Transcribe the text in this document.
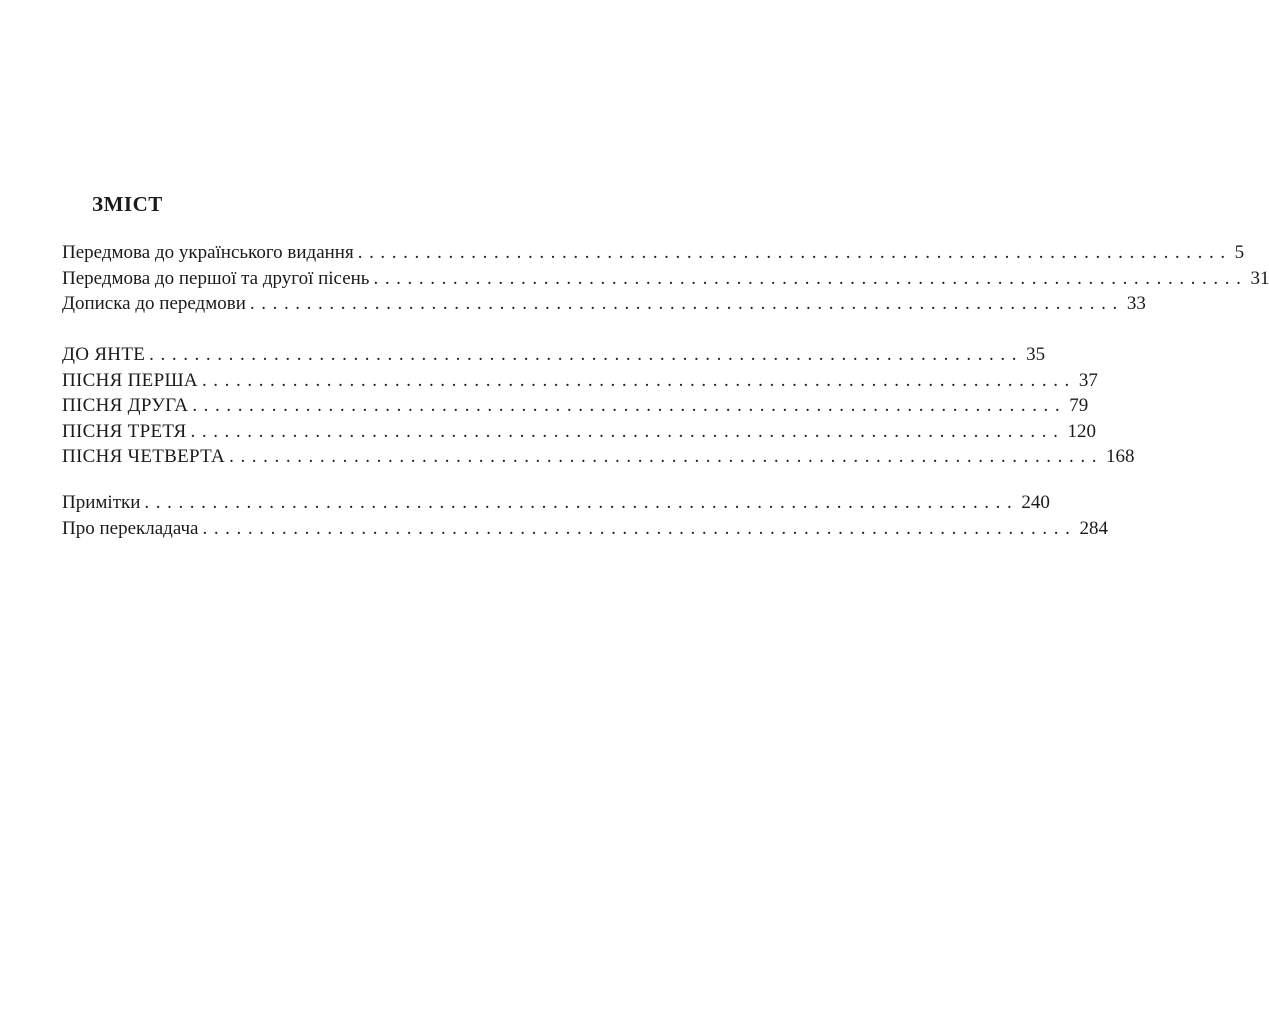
ЗМІСТ
Передмова до українського видання ............................................................................. 5
Передмова до першої та другої пісень ............................................................................. 31
Дописка до передмови ............................................................................. 33
ДО ЯНТЕ ............................................................................. 35
ПІСНЯ ПЕРША ............................................................................. 37
ПІСНЯ ДРУГА ............................................................................. 79
ПІСНЯ ТРЕТЯ ............................................................................. 120
ПІСНЯ ЧЕТВЕРТА ............................................................................. 168
Примітки ............................................................................. 240
Про перекладача ............................................................................. 284
